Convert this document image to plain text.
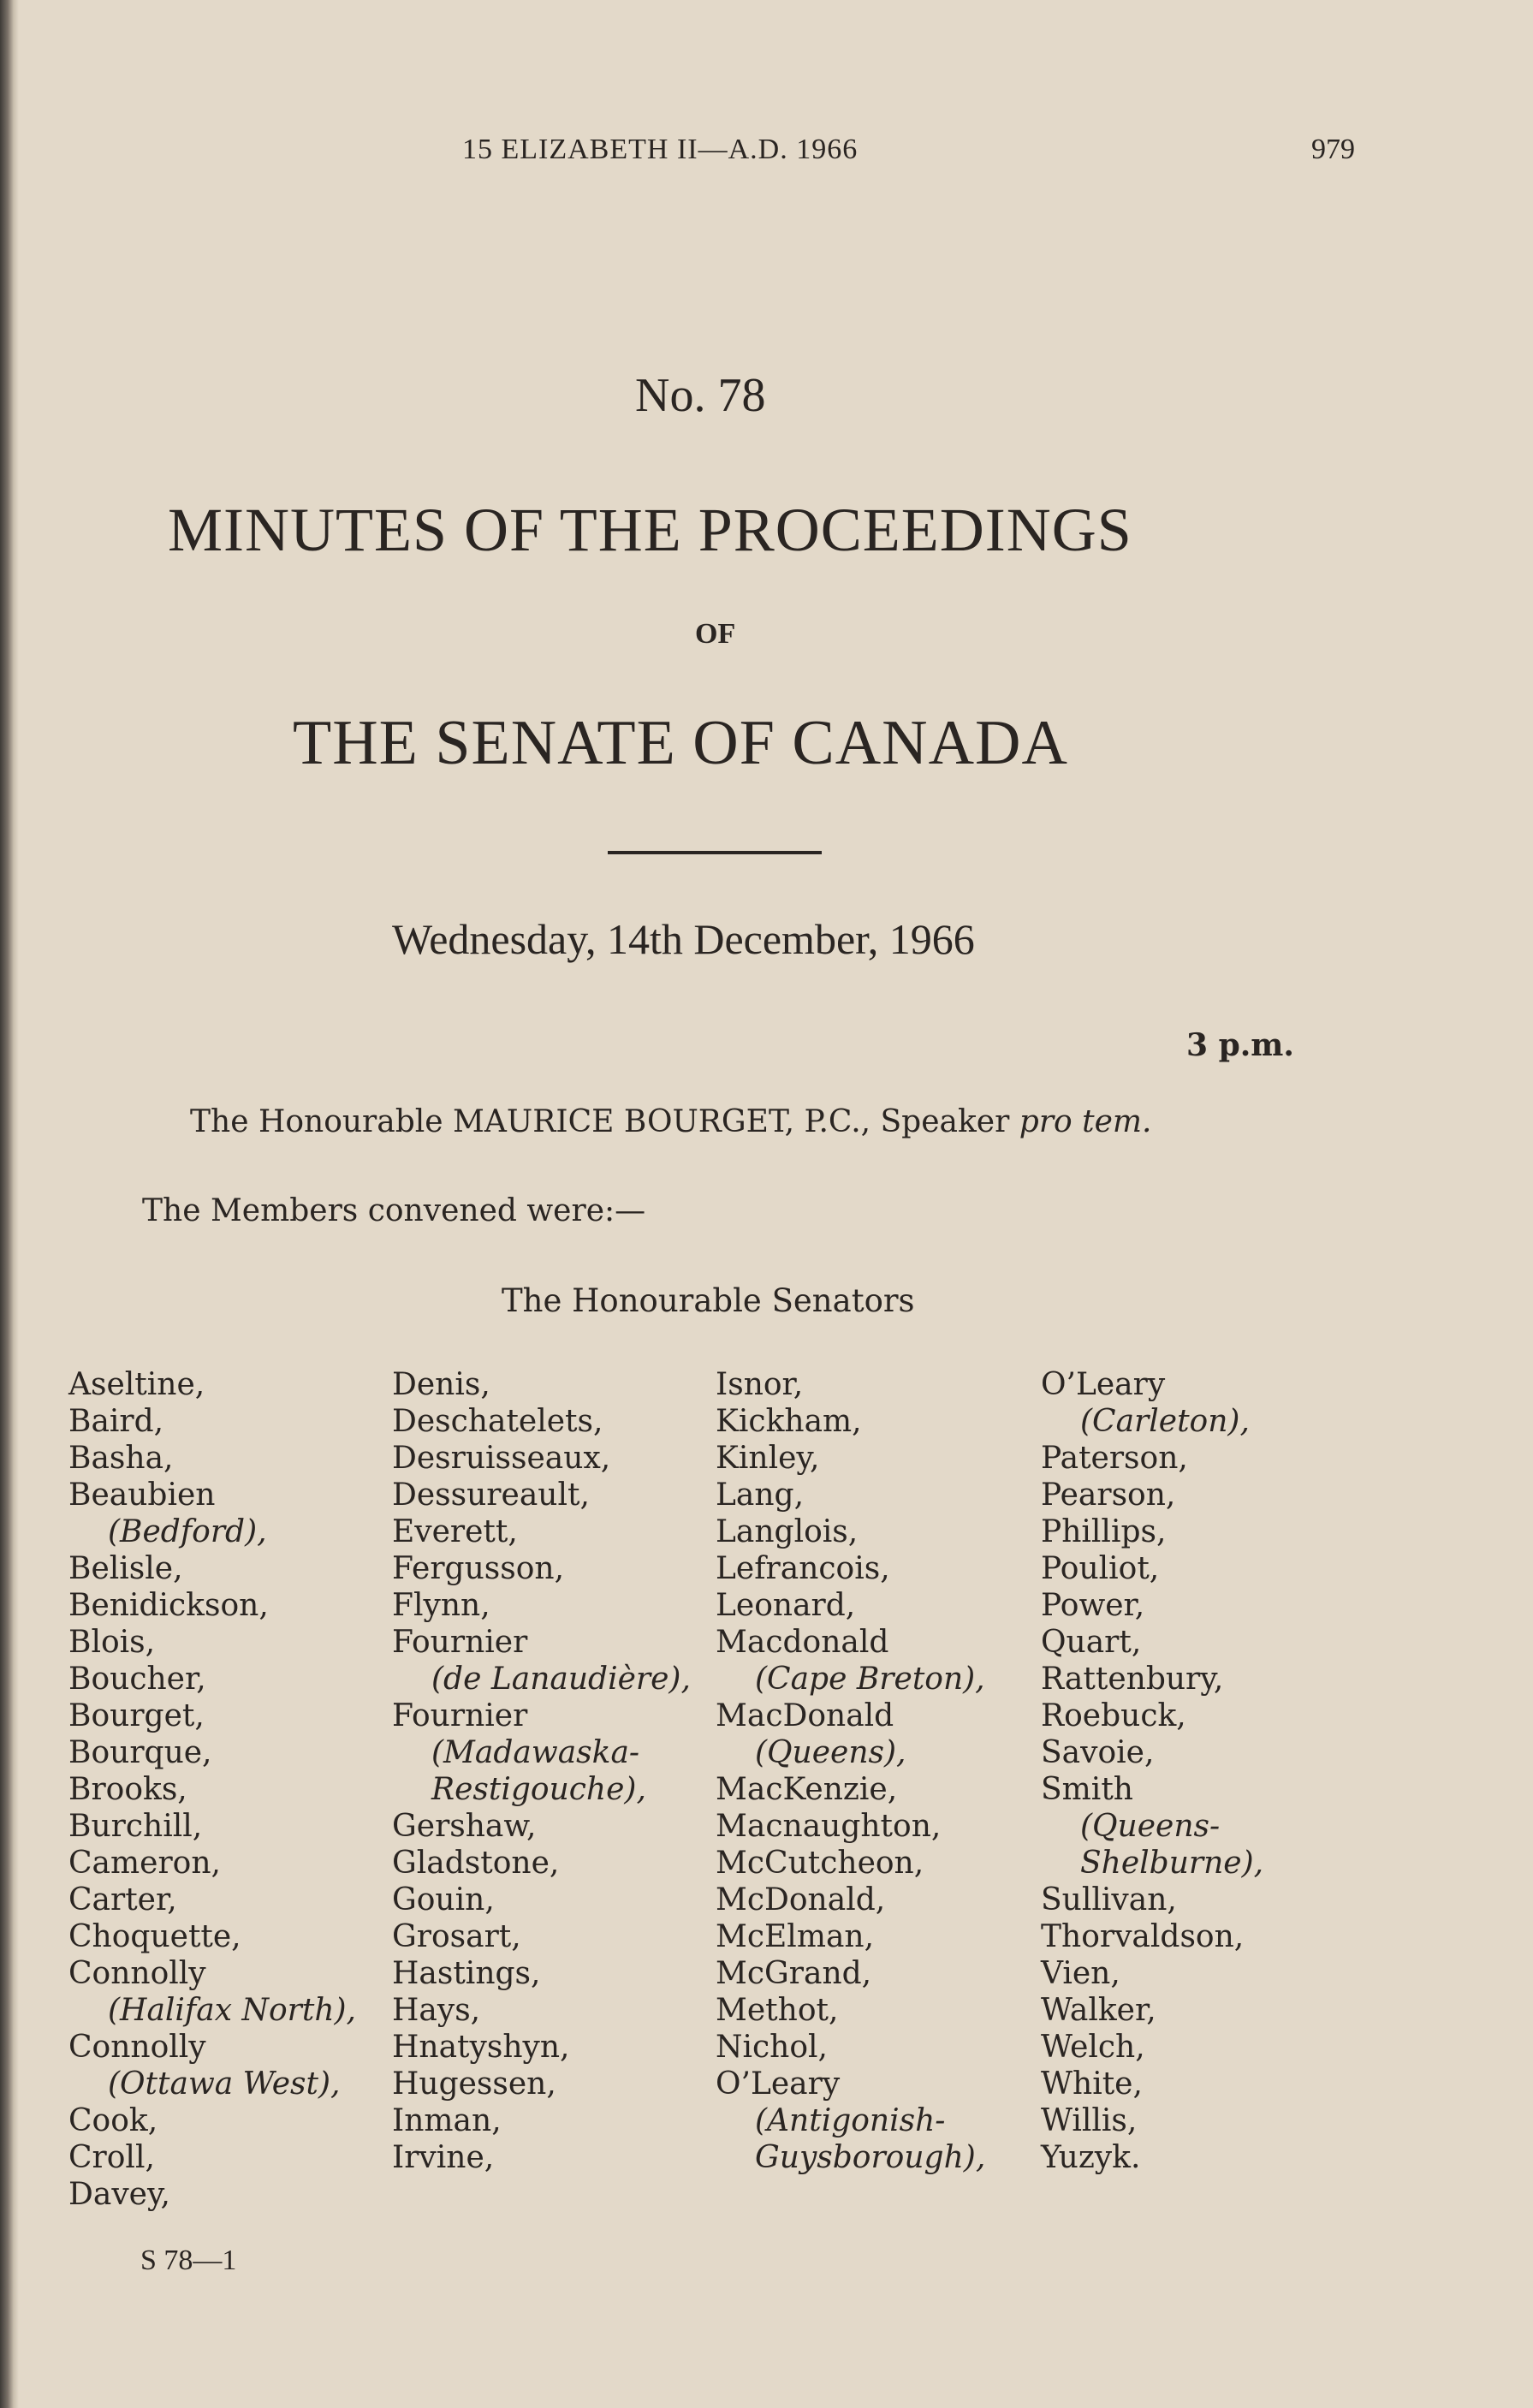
15 ELIZABETH II—A.D. 1966	979
No. 78
MINUTES OF THE PROCEEDINGS
OF
THE SENATE OF CANADA
Wednesday, 14th December, 1966
3 p.m.
The Honourable MAURICE BOURGET, P.C., Speaker pro tem.
The Members convened were:—
The Honourable Senators
Aseltine,
Baird,
Basha,
Beaubien
(Bedford),
Belisle,
Benidickson,
Blois,
Boucher,
Bourget,
Bourque,
Brooks,
Burchill,
Cameron,
Carter,
Choquette,
Connolly
(Halifax North),
Connolly
(Ottawa West),
Cook,
Croll,
Davey,
Denis,
Deschatelets,
Desruisseaux,
Dessureault,
Everett,
Fergusson,
Flynn,
Fournier
(de Lanaudière),
Fournier
(Madawaska-
Restigouche),
Gershaw,
Gladstone,
Gouin,
Grosart,
Hastings,
Hays,
Hnatyshyn,
Hugessen,
Inman,
Irvine,
Isnor,
Kickham,
Kinley,
Lang,
Langlois,
Lefrancois,
Leonard,
Macdonald
(Cape Breton),
MacDonald
(Queens),
MacKenzie,
Macnaughton,
McCutcheon,
McDonald,
McElman,
McGrand,
Methot,
Nichol,
O’Leary
(Antigonish-
Guysborough),
O’Leary
(Carleton),
Paterson,
Pearson,
Phillips,
Pouliot,
Power,
Quart,
Rattenbury,
Roebuck,
Savoie,
Smith
(Queens-
Shelburne),
Sullivan,
Thorvaldson,
Vien,
Walker,
Welch,
White,
Willis,
Yuzyk.
S 78—1
